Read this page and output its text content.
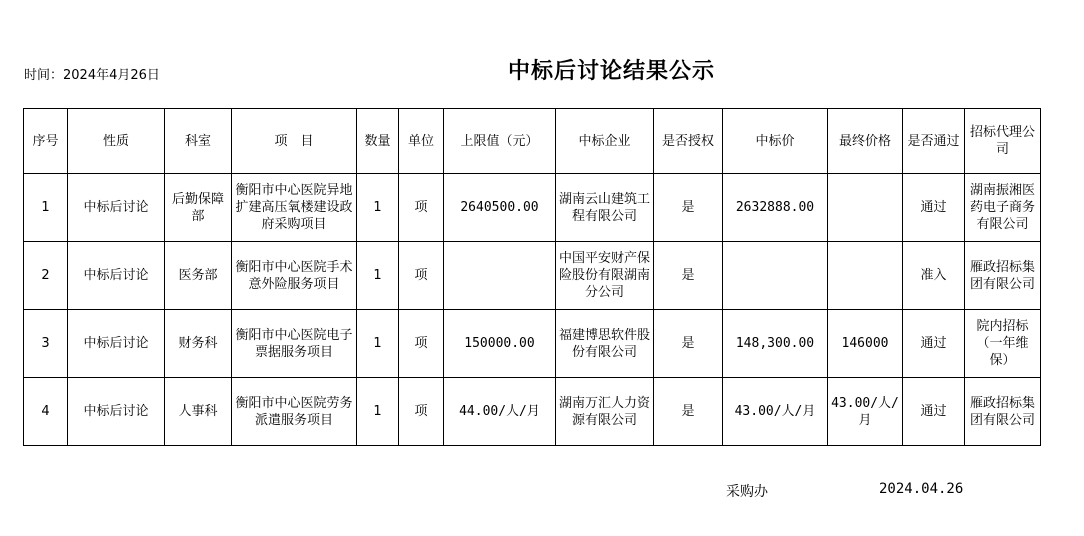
时间：2024年4月26日	中标后讨论结果公示
序号	性质	科室	项　目	数量	单位	上限值（元）	中标企业	是否授权	中标价	最终价格	是否通过	招标代理公司
1	中标后讨论	后勤保障部	衡阳市中心医院异地扩建高压氧楼建设政府采购项目	1	项	2640500.00	湖南云山建筑工程有限公司	是	2632888.00		通过	湖南振湘医药电子商务有限公司
2	中标后讨论	医务部	衡阳市中心医院手术意外险服务项目	1	项		中国平安财产保险股份有限湖南分公司	是			准入	雁政招标集团有限公司
3	中标后讨论	财务科	衡阳市中心医院电子票据服务项目	1	项	150000.00	福建博思软件股份有限公司	是	148,300.00	146000	通过	院内招标（一年维保）
4	中标后讨论	人事科	衡阳市中心医院劳务派遣服务项目	1	项	44.00/人/月	湖南万汇人力资源有限公司	是	43.00/人/月	43.00/人/月	通过	雁政招标集团有限公司
采购办	2024.04.26
